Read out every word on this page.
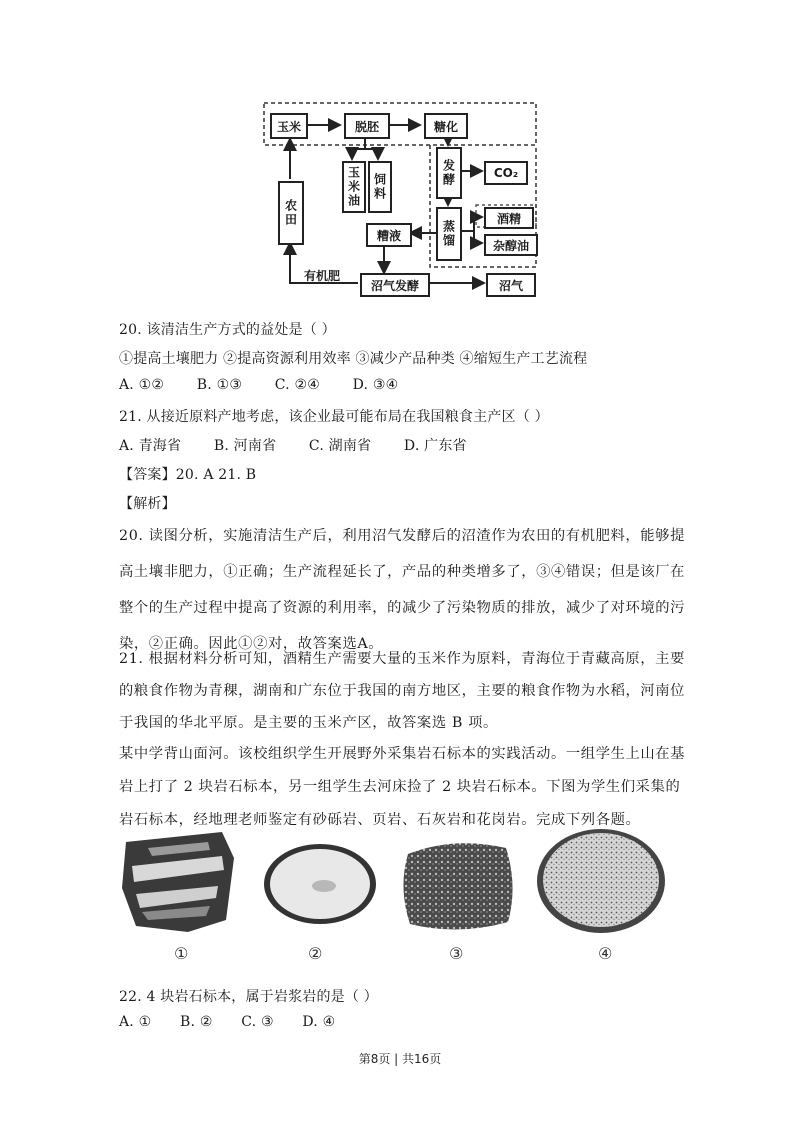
玉米	脱胚	糖化
玉米油	饲料
农田
发酵	CO₂
蒸馏
酒精
杂醇油
糟液
沼气发酵	沼气
有机肥
20. 该清洁生产方式的益处是（ ）
①提高土壤肥力 ②提高资源利用效率 ③减少产品种类 ④缩短生产工艺流程
A. ①② B. ①③ C. ②④ D. ③④
21. 从接近原料产地考虑，该企业最可能布局在我国粮食主产区（ ）
A. 青海省 B. 河南省 C. 湖南省 D. 广东省
【答案】20. A 21. B
【解析】
20. 读图分析，实施清洁生产后，利用沼气发酵后的沼渣作为农田的有机肥料，能够提高土壤非肥力，①正确；生产流程延长了，产品的种类增多了，③④错误；但是该厂在整个的生产过程中提高了资源的利用率，的减少了污染物质的排放，减少了对环境的污染，②正确。因此①②对，故答案选A。
21. 根据材料分析可知，酒精生产需要大量的玉米作为原料，青海位于青藏高原，主要的粮食作物为青稞，湖南和广东位于我国的南方地区，主要的粮食作物为水稻，河南位于我国的华北平原。是主要的玉米产区，故答案选 B 项。
某中学背山面河。该校组织学生开展野外采集岩石标本的实践活动。一组学生上山在基岩上打了 2 块岩石标本，另一组学生去河床捡了 2 块岩石标本。下图为学生们采集的岩石标本，经地理老师鉴定有砂砾岩、页岩、石灰岩和花岗岩。完成下列各题。
①	②	③	④
22. 4 块岩石标本，属于岩浆岩的是（ ）
A. ① B. ② C. ③ D. ④
第8页 | 共16页
